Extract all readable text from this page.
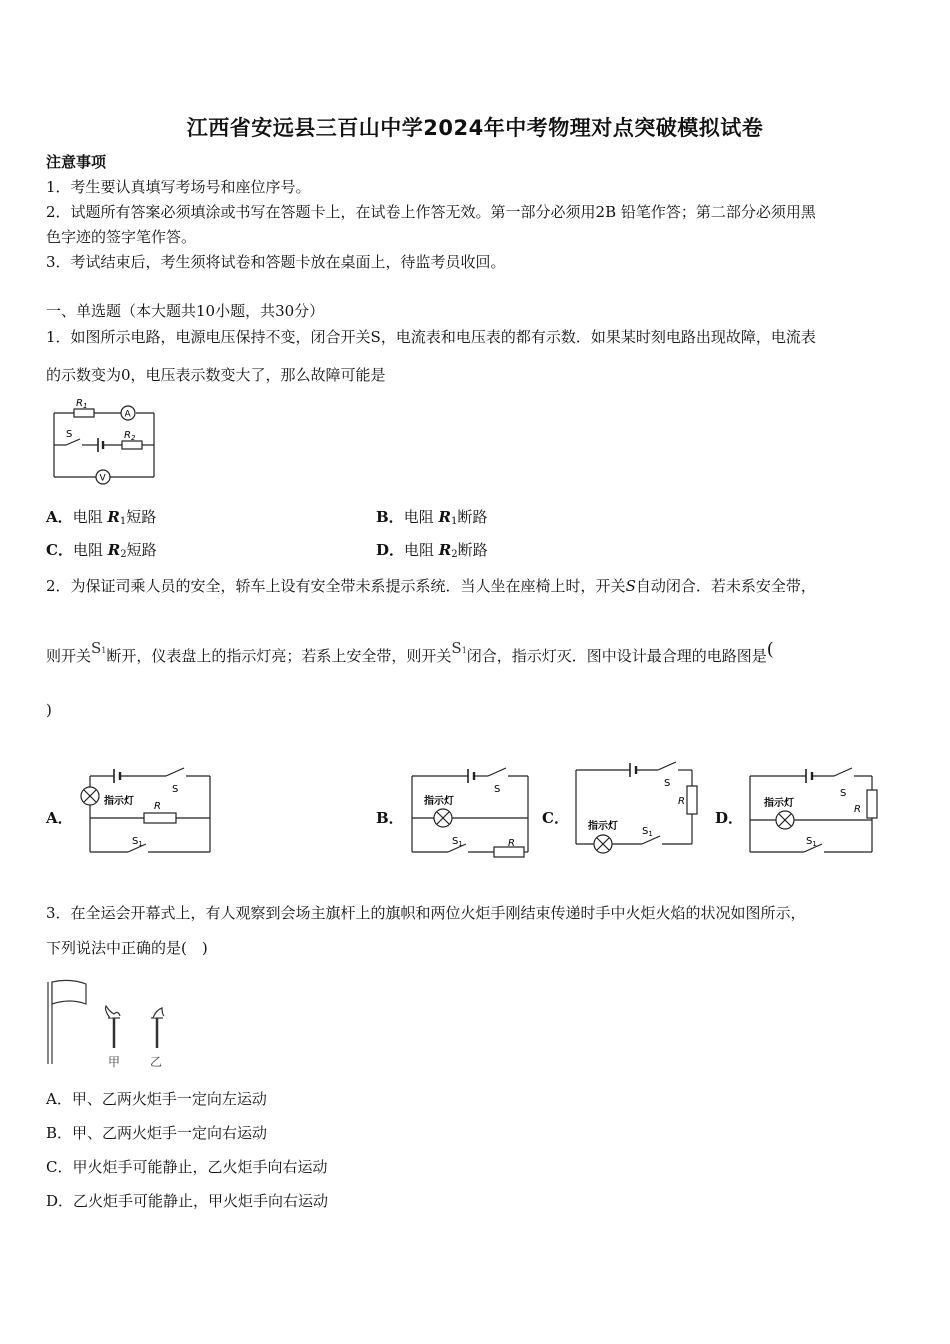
江西省安远县三百山中学2024年中考物理对点突破模拟试卷
注意事项
1．考生要认真填写考场号和座位序号。
2．试题所有答案必须填涂或书写在答题卡上，在试卷上作答无效。第一部分必须用2B 铅笔作答；第二部分必须用黑
色字迹的签字笔作答。
3．考试结束后，考生须将试卷和答题卡放在桌面上，待监考员收回。
一、单选题（本大题共10小题，共30分）
1．如图所示电路，电源电压保持不变，闭合开关S，电流表和电压表的都有示数．如果某时刻电路出现故障，电流表
的示数变为0，电压表示数变大了，那么故障可能是
$R_1$
$R_2$
S
A
V
A．电阻 $R_1$短路	B．电阻 $R_1$断路
C．电阻 $R_2$短路	D．电阻 $R_2$断路
2．为保证司乘人员的安全，轿车上设有安全带未系提示系统．当人坐在座椅上时，开关S自动闭合．若未系安全带，
则开关S1断开，仪表盘上的指示灯亮；若系上安全带，则开关S1闭合，指示灯灭．图中设计最合理的电路图是(
)
A．
指示灯
S
R
$S_1$
B．
指示灯
S
R
$S_1$
C． 指示灯
S
R
$S_1$
D．
指示灯
S
R
$S_1$
3．在全运会开幕式上，有人观察到会场主旗杆上的旗帜和两位火炬手刚结束传递时手中火炬火焰的状况如图所示，
下列说法中正确的是(　)
甲 乙
A．甲、乙两火炬手一定向左运动
B．甲、乙两火炬手一定向右运动
C．甲火炬手可能静止，乙火炬手向右运动
D．乙火炬手可能静止，甲火炬手向右运动
